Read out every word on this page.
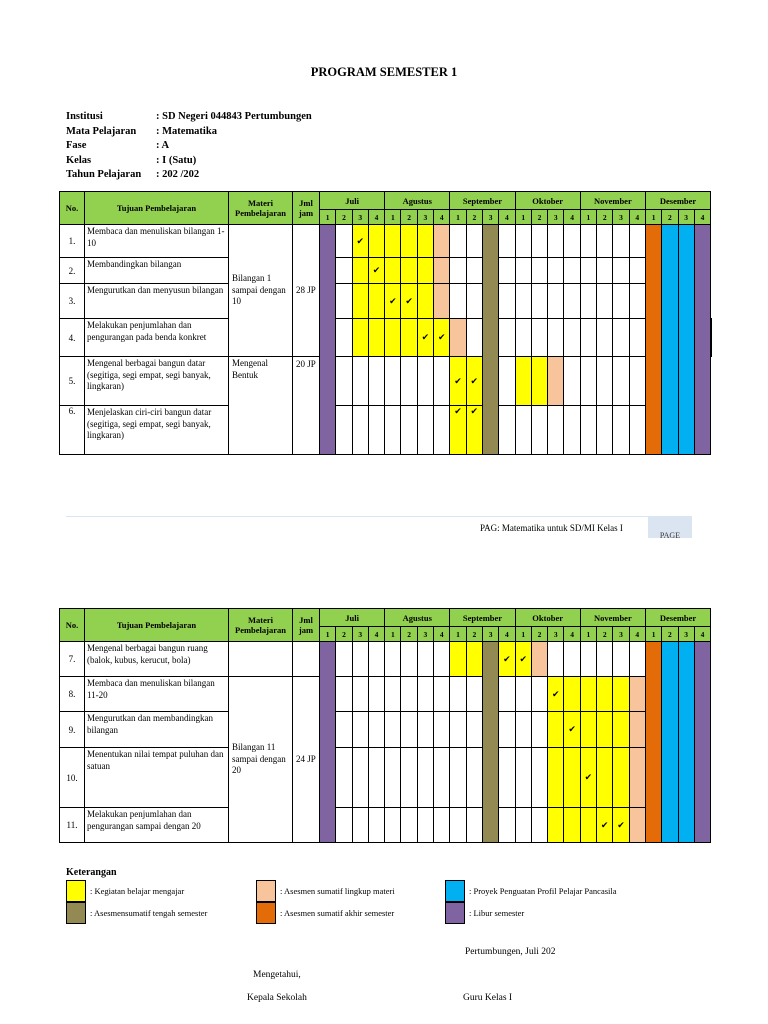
PROGRAM SEMESTER 1
Institusi	: SD Negeri 044843 Pertumbungen
Mata Pelajaran	: Matematika
Fase	: A
Kelas	: I (Satu)
Tahun Pelajaran	: 202 /202
No.	Tujuan Pembelajaran	Materi Pembelajaran	Jml jam	Juli				Agustus				September				Oktober				November				Desember				
				1	2	3	4	1	2	3	4	1	2	3	4	1	2	3	4	1	2	3	4	1	2	3	4	
1.	Membaca dan menuliskan bilangan 1-10	Bilangan 1 sampai dengan 10	28 JP			✔																						
2.	Membandingkan bilangan						✔																					
3.	Mengurutkan dan menyusun bilangan							✔	✔																			
4.	Melakukan penjumlahan dan pengurangan pada benda konkret									✔	✔																	
5.	Mengenal berbagai bangun datar (segitiga, segi empat, segi banyak, lingkaran)	Mengenal Bentuk	20 JP									✔	✔															
6.	Menjelaskan ciri-ciri bangun datar (segitiga, segi empat, segi banyak, lingkaran)											✔	✔															
PAG: Matematika untuk SD/MI Kelas I
PAGE
No.	Tujuan Pembelajaran	Materi Pembelajaran	Jml jam	Juli				Agustus				September				Oktober				November				Desember			
				1	2	3	4	1	2	3	4	1	2	3	4	1	2	3	4	1	2	3	4	1	2	3	4
7.	Mengenal berbagai bangun ruang (balok, kubus, kerucut, bola)														✔	✔											
8.	Membaca dan menuliskan bilangan 11-20	Bilangan 11 sampai dengan 20	24 JP															✔									
9.	Mengurutkan dan membandingkan bilangan																		✔								
10.	Menentukan nilai tempat puluhan dan satuan																			✔							
11.	Melakukan penjumlahan dan pengurangan sampai dengan 20																				✔	✔					
Keterangan
: Kegiatan belajar mengajar	: Asesmen sumatif lingkup materi	: Proyek Penguatan Profil Pelajar Pancasila
: Asesmensumatif tengah semester	: Asesmen sumatif akhir semester	: Libur semester
Pertumbungen, Juli 202
Mengetahui,
Kepala Sekolah	Guru Kelas I
